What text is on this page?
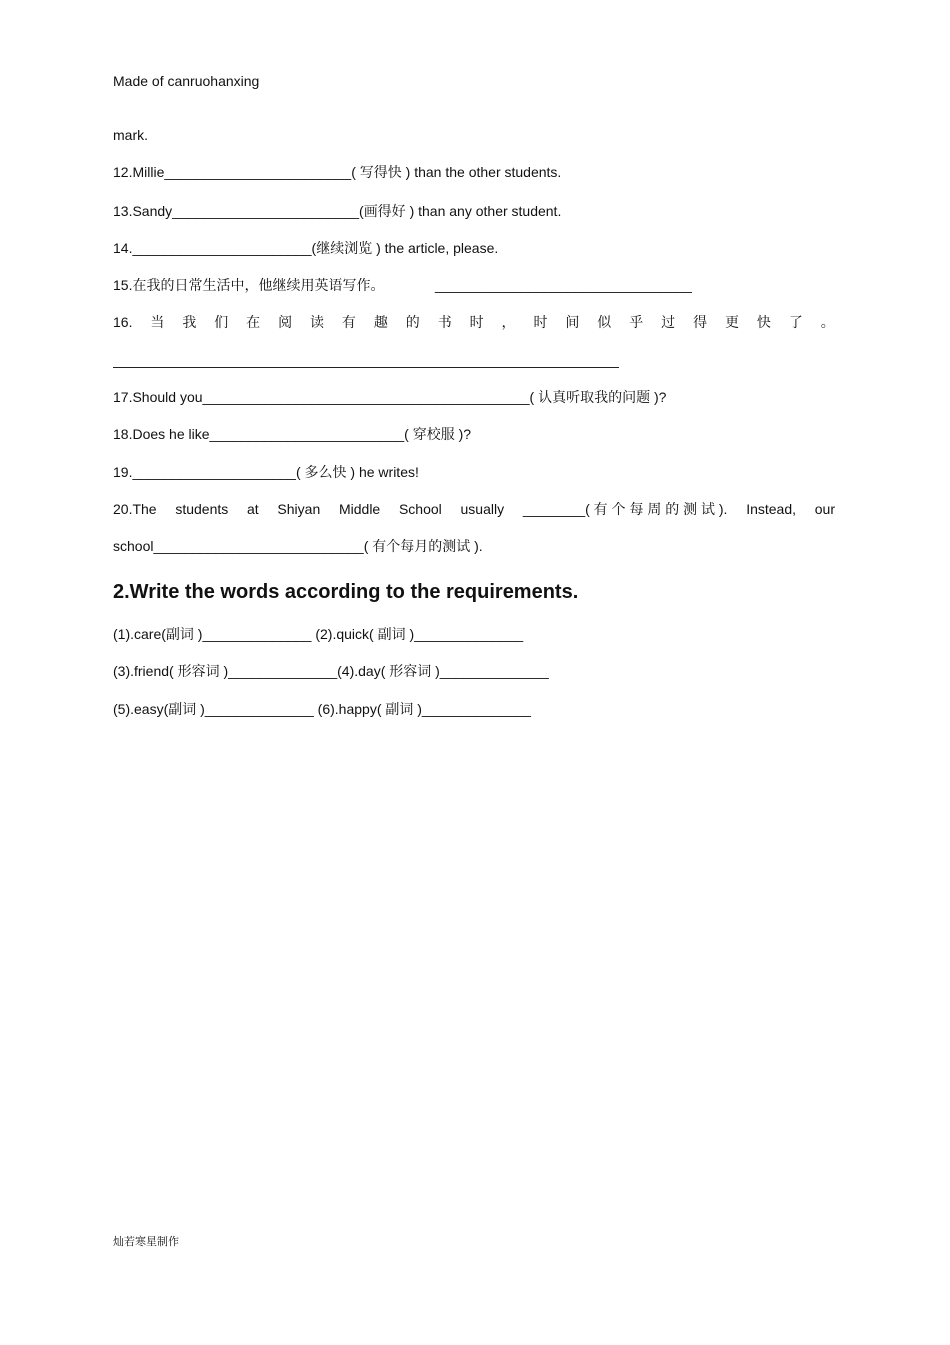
Made of canruohanxing
mark.
12.Millie________________________( 写得快 ) than the other students.
13.Sandy________________________(画得好 ) than any other student.
14._______________________(继续浏览 ) the article, please.
15.在我的日常生活中，他继续用英语写作。	_________________________________
16. 当 我 们 在 阅 读 有 趣 的 书 时 ， 时 间 似 乎 过 得 更 快 了 。
17.Should you__________________________________________( 认真听取我的问题 )?
18.Does he like_________________________( 穿校服 )?
19._____________________( 多么快 ) he writes!
20.The students at Shiyan Middle School usually ________( 有 个 每 周 的 测 试 ). Instead, our
school___________________________( 有个每月的测试 ).
2.Write the words according to the requirements.
(1).care(副词 )______________ (2).quick( 副词 )______________
(3).friend( 形容词 )______________(4).day( 形容词 )______________
(5).easy(副词 )______________ (6).happy( 副词 )______________
灿若寒星制作
